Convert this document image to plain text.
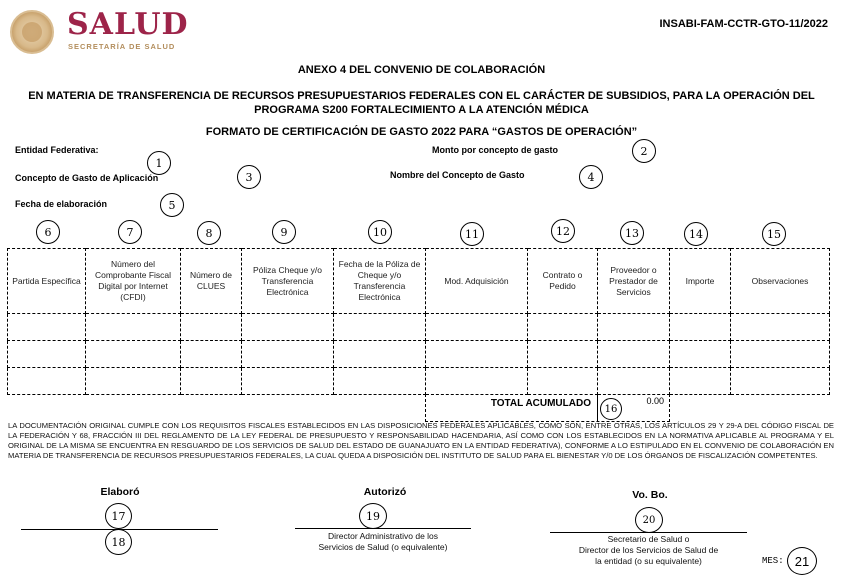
SALUD
SECRETARÍA DE SALUD
INSABI-FAM-CCTR-GTO-11/2022
ANEXO 4 DEL CONVENIO DE COLABORACIÓN
EN MATERIA DE TRANSFERENCIA DE RECURSOS PRESUPUESTARIOS FEDERALES CON EL CARÁCTER DE SUBSIDIOS, PARA LA OPERACIÓN DEL
PROGRAMA S200 FORTALECIMIENTO A LA ATENCIÓN MÉDICA
FORMATO DE CERTIFICACIÓN DE GASTO 2022 PARA “GASTOS DE OPERACIÓN”
Entidad Federativa:
1
Monto por concepto de gasto	2
Concepto de Gasto de Aplicación	3	Nombre del Concepto de Gasto	4
Fecha de elaboración	5
6	7	8	9	10	11	12	13	14	15
Partida Específica	Número del Comprobante Fiscal Digital por Internet (CFDI)	Número de CLUES	Póliza Cheque y/o Transferencia Electrónica	Fecha de la Póliza de Cheque y/o Transferencia Electrónica	Mod. Adquisición	Contrato o Pedido	Proveedor o Prestador de Servicios	Importe	Observaciones

TOTAL ACUMULADO	16
0.00
LA DOCUMENTACIÓN ORIGINAL CUMPLE CON LOS REQUISITOS FISCALES ESTABLECIDOS EN LAS DISPOSICIONES FEDERALES APLICABLES, COMO SON, ENTRE OTRAS, LOS ARTÍCULOS 29 Y 29-A DEL CÓDIGO FISCAL DE LA FEDERACIÓN Y 68, FRACCIÓN III DEL REGLAMENTO DE LA LEY FEDERAL DE PRESUPUESTO Y RESPONSABILIDAD HACENDARIA, ASÍ COMO CON LOS ESTABLECIDOS EN LA NORMATIVA APLICABLE AL PROGRAMA Y EL ORIGINAL DE LA MISMA SE ENCUENTRA EN RESGUARDO DE LOS SERVICIOS DE SALUD DEL ESTADO DE GUANAJUATO EN LA ENTIDAD FEDERATIVA), CONFORME A LO ESTIPULADO EN EL CONVENIO DE COLABORACIÓN EN MATERIA DE TRANSFERENCIA DE RECURSOS PRESUPUESTARIOS FEDERALES, LA CUAL QUEDA A DISPOSICIÓN DEL INSTITUTO DE SALUD PARA EL BIENESTAR Y/0 DE LOS ÓRGANOS DE FISCALIZACIÓN COMPETENTES.
Elaboró
17
18
Autorizó
19
Director Administrativo de los
Servicios de Salud (o equivalente)
Vo. Bo.
20
Secretario de Salud o
Director de los Servicios de Salud de
la entidad (o su equivalente)	MES: 21
